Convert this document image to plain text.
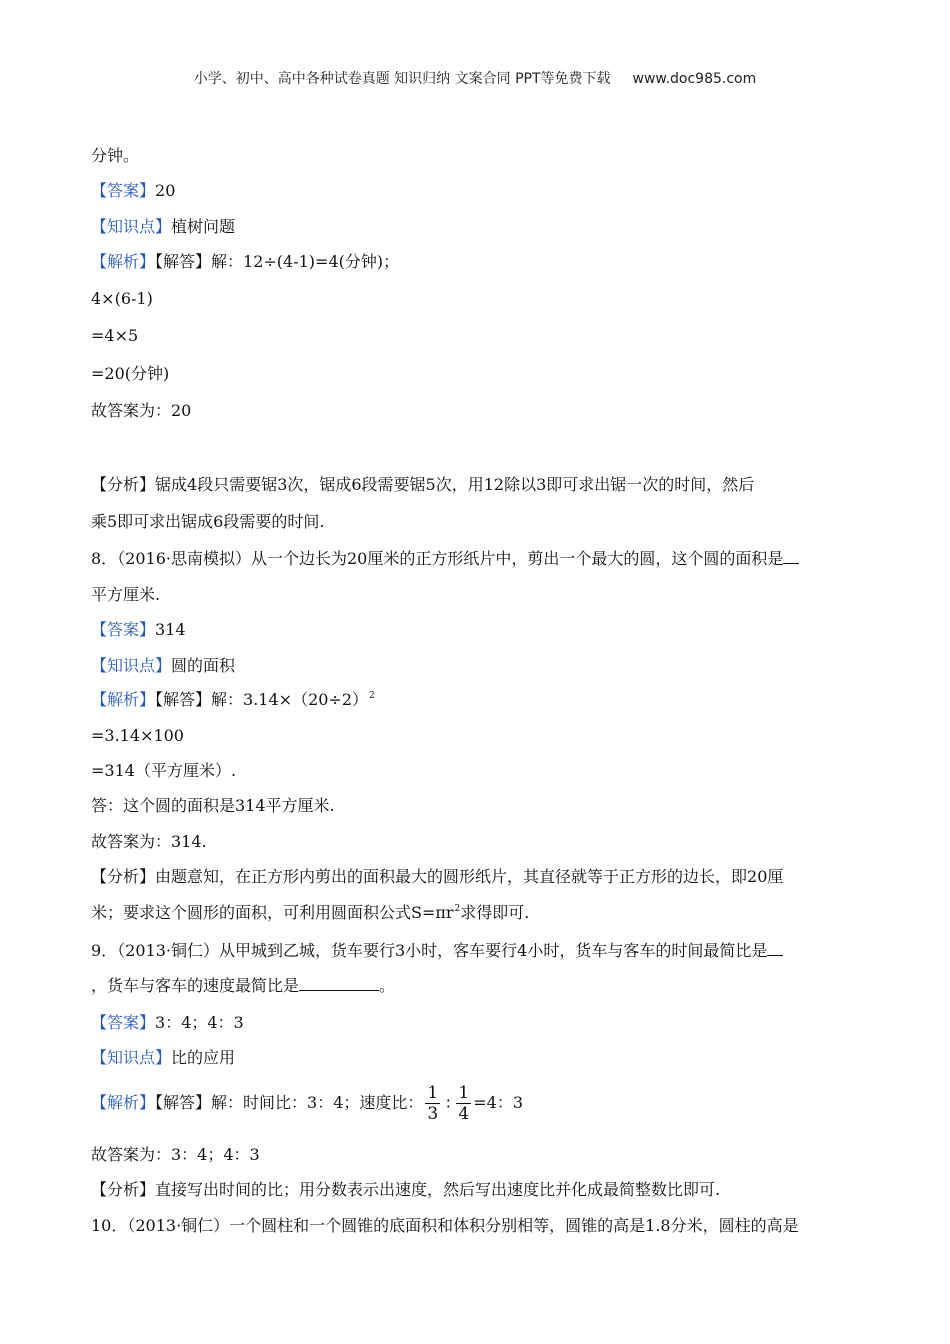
小学、初中、高中各种试卷真题 知识归纳 文案合同 PPT等免费下载 www.doc985.com
分钟。
【答案】20
【知识点】植树问题
【解析】【解答】解：12÷(4-1)=4(分钟)；
4×(6-1)
=4×5
=20(分钟)
故答案为：20
【分析】锯成4段只需要锯3次，锯成6段需要锯5次，用12除以3即可求出锯一次的时间，然后
乘5即可求出锯成6段需要的时间.
8．（2016·思南模拟）从一个边长为20厘米的正方形纸片中，剪出一个最大的圆，这个圆的面积是
平方厘米.
【答案】314
【知识点】圆的面积
【解析】【解答】解：$3.14\times(20\div 2)^2$
=3.14×100
=314（平方厘米）.
答：这个圆的面积是314平方厘米.
故答案为：314.
【分析】由题意知，在正方形内剪出的面积最大的圆形纸片，其直径就等于正方形的边长，即20厘
米；要求这个圆形的面积，可利用圆面积公式$S=\pi r^2$求得即可.
9．（2013·铜仁）从甲城到乙城，货车要行3小时，客车要行4小时，货车与客车的时间最简比是
，货车与客车的速度最简比是	。
【答案】3：4；4：3
【知识点】比的应用
【解析】【解答】解：时间比：3：4；速度比： $\frac{1}{3}$ ∶ $\frac{1}{4} =4$：3
故答案为：3：4；4：3
【分析】直接写出时间的比；用分数表示出速度，然后写出速度比并化成最简整数比即可.
10．（2013·铜仁）一个圆柱和一个圆锥的底面积和体积分别相等，圆锥的高是1.8分米，圆柱的高是
